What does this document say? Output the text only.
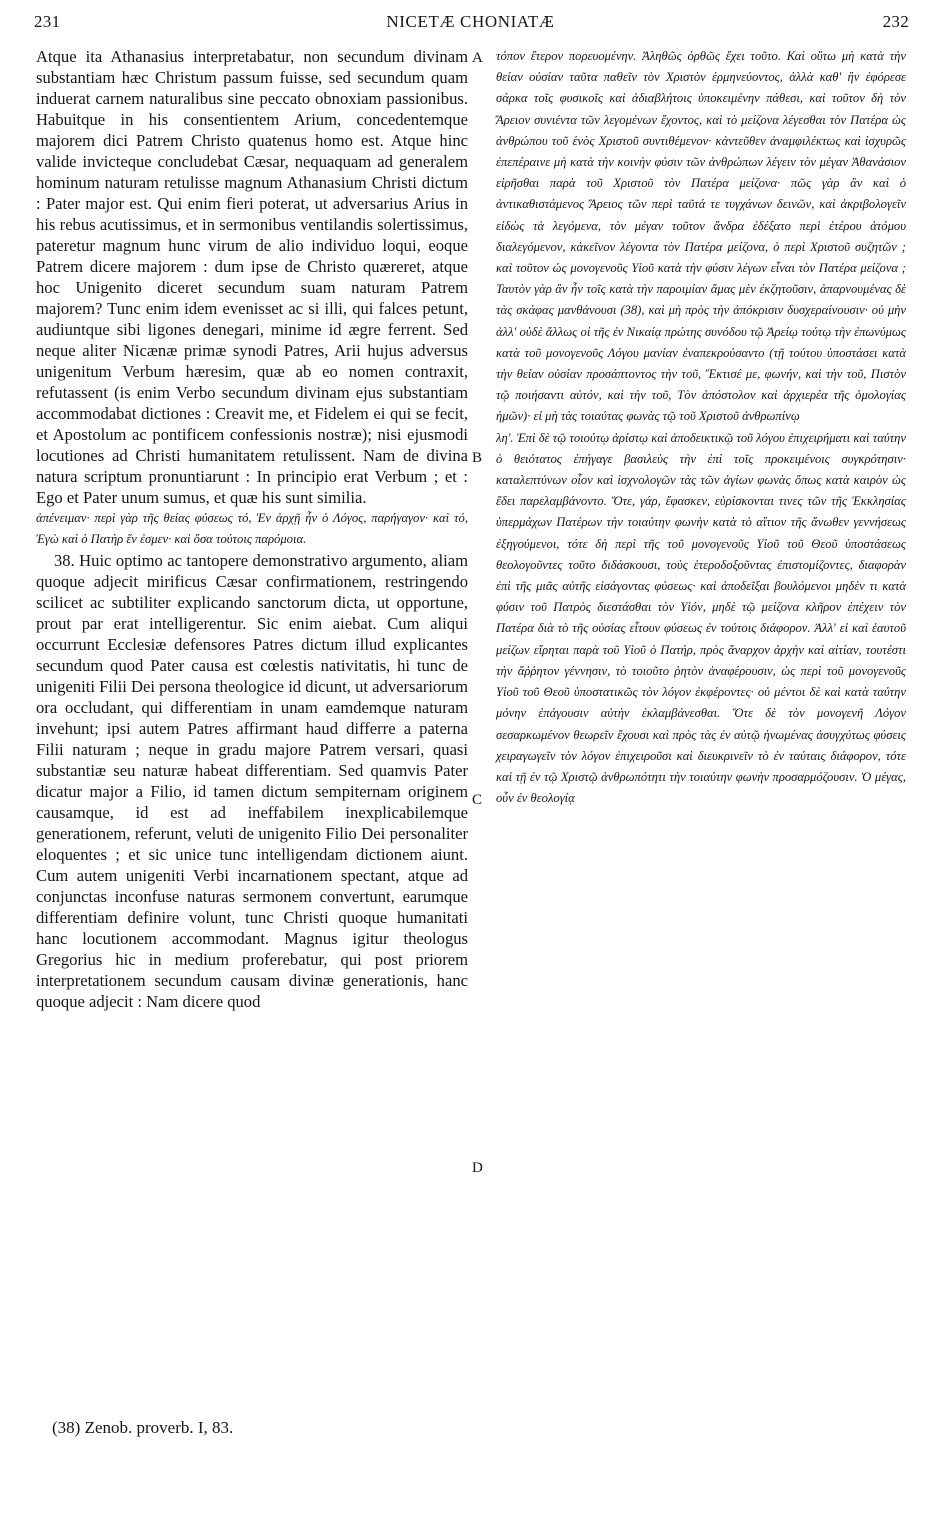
231	NICETÆ CHONIATÆ	232

Atque ita Athanasius interpretabatur, non secundum divinam substantiam hæc Christum passum fuisse, sed secundum quam induerat carnem naturalibus sine peccato obnoxiam passionibus. Habuitque in his consentientem Arium, concedentemque majorem dici Patrem Christo quatenus homo est. Atque hinc valide invicteque concludebat Cæsar, nequaquam ad generalem hominum naturam retulisse magnum Athanasium Christi dictum : Pater major est. Qui enim fieri poterat, ut adversarius Arius in his rebus acutissimus, et in sermonibus ventilandis solertissimus, pateretur magnum hunc virum de alio individuo loqui, eoque Patrem dicere majorem : dum ipse de Christo quæreret, atque hoc Unigenito diceret secundum suam naturam Patrem majorem? Tunc enim idem evenisset ac si illi, qui falces petunt, audiuntque sibi ligones denegari, minime id ægre ferrent. Sed neque aliter Nicænæ primæ synodi Patres, Arii hujus adversus unigenitum Verbum hæresim, quæ ab eo nomen contraxit, refutassent (is enim Verbo secundum divinam ejus substantiam accommodabat dictiones : Creavit me, et Fidelem ei qui se fecit, et Apostolum ac pontificem confessionis nostræ); nisi ejusmodi locutiones ad Christi humanitatem retulissent. Nam de divina natura scriptum pronuntiarunt : In principio erat Verbum ; et : Ego et Pater unum sumus, et quæ his sunt similia.

ἀπένειμαν· περὶ γὰρ τῆς θείας φύσεως τό, Ἐν ἀρχῇ ἦν ὁ Λόγος, παρήγαγον· καὶ τό, Ἐγὼ καὶ ὁ Πατὴρ ἕν ἐσμεν· καὶ ὅσα τούτοις παρόμοια.

38. Huic optimo ac tantopere demonstrativo argumento, aliam quoque adjecit mirificus Cæsar confirmationem, restringendo scilicet ac subtiliter explicando sanctorum dicta, ut opportune, prout par erat intelligerentur. Sic enim aiebat. Cum aliqui occurrunt Ecclesiæ defensores Patres dictum illud explicantes secundum quod Pater causa est cœlestis nativitatis, hi tunc de unigeniti Filii Dei persona theologice id dicunt, ut adversariorum ora occludant, qui differentiam in unam eamdemque naturam invehunt; ipsi autem Patres affirmant haud differre a paterna Filii naturam ; neque in gradu majore Patrem versari, quasi substantiæ seu naturæ habeat differentiam. Sed quamvis Pater dicatur major a Filio, id tamen dictum sempiternam originem causamque, id est ad ineffabilem inexplicabilemque generationem, referunt, veluti de unigenito Filio Dei personaliter eloquentes ; et sic unice tunc intelligendam dictionem aiunt. Cum autem unigeniti Verbi incarnationem spectant, atque ad conjunctas inconfuse naturas sermonem convertunt, earumque differentiam definire volunt, tunc Christi quoque humanitati hanc locutionem accommodant. Magnus igitur theologus Gregorius hic in medium proferebatur, qui post priorem interpretationem secundum causam divinæ generationis, hanc quoque adjecit : Nam dicere quod

τόπον ἕτερον πορευομένην. Ἀληθῶς ὀρθῶς ἔχει τοῦτο. Καὶ οὕτω μὴ κατὰ τὴν θείαν οὐσίαν ταῦτα παθεῖν τὸν Χριστὸν ἑρμηνεύοντος, ἀλλὰ καθ' ἣν ἐφόρεσε σάρκα τοῖς φυσικοῖς καὶ ἀδιαβλήτοις ὑποκειμένην πάθεσι, καὶ τοῦτον δὴ τὸν Ἄρειον συνιέντα τῶν λεγομένων ἔχοντος, καὶ τὸ μείζονα λέγεσθαι τὸν Πατέρα ὡς ἀνθρώπου τοῦ ἑνὸς Χριστοῦ συντιθέμενον· κἀντεῦθεν ἀναμφιλέκτως καὶ ἰσχυρῶς ἐπεπέραινε μὴ κατὰ τὴν κοινὴν φύσιν τῶν ἀνθρώπων λέγειν τὸν μέγαν Ἀθανάσιον εἰρῆσθαι παρὰ τοῦ Χριστοῦ τὸν Πατέρα μείζονα· πῶς γὰρ ἂν καὶ ὁ ἀντικαθιστάμενος Ἄρειος τῶν περὶ ταῦτά τε τυγχάνων δεινῶν, καὶ ἀκριβολογεῖν εἰδὼς τὰ λεγόμενα, τὸν μέγαν τοῦτον ἄνδρα ἐδέξατο περὶ ἑτέρου ἀτόμου διαλεγόμενον, κἀκεῖνον λέγοντα τὸν Πατέρα μείζονα, ὁ περὶ Χριστοῦ συζητῶν ; καὶ τοῦτον ὡς μονογενοῦς Υἱοῦ κατὰ τὴν φύσιν λέγων εἶναι τὸν Πατέρα μείζονα ; Ταυτὸν γὰρ ἂν ἦν τοῖς κατὰ τὴν παροιμίαν ἄμας μὲν ἐκζητοῦσιν, ἀπαρνουμένας δὲ τὰς σκάφας μανθάνουσι (38), καὶ μὴ πρὸς τὴν ἀπόκρισιν δυσχεραίνουσιν· οὐ μὴν ἀλλ' οὐδὲ ἄλλως οἱ τῆς ἐν Νικαίᾳ πρώτης συνόδου τῷ Ἀρείῳ τούτῳ τὴν ἐπωνύμως κατὰ τοῦ μονογενοῦς Λόγου μανίαν ἐναπεκρούσαντο (τῇ τούτου ὑποστάσει κατὰ τὴν θείαν οὐσίαν προσάπτοντος τὴν τοῦ, Ἔκτισέ με, φωνήν, καὶ τὴν τοῦ, Πιστὸν τῷ ποιήσαντι αὐτόν, καὶ τὴν τοῦ, Τὸν ἀπόστολον καὶ ἀρχιερέα τῆς ὁμολογίας ἡμῶν)· εἰ μὴ τὰς τοιαύτας φωνὰς τῷ τοῦ Χριστοῦ ἀνθρωπίνῳ

λη'. Ἐπὶ δὲ τῷ τοιούτῳ ἀρίστῳ καὶ ἀποδεικτικῷ τοῦ λόγου ἐπιχειρήματι καὶ ταύτην ὁ θειότατος ἐπήγαγε βασιλεὺς τὴν ἐπὶ τοῖς προκειμένοις συγκρότησιν· καταλεπτύνων οἷον καὶ ἰσχνολογῶν τὰς τῶν ἁγίων φωνὰς ὅπως κατὰ καιρὸν ὡς ἔδει παρελαμβάνοντο. Ὅτε, γάρ, ἔφασκεν, εὑρίσκονται τινες τῶν τῆς Ἐκκλησίας ὑπερμάχων Πατέρων τὴν τοιαύτην φωνὴν κατὰ τὸ αἴτιον τῆς ἄνωθεν γεννήσεως ἐξηγούμενοι, τότε δὴ περὶ τῆς τοῦ μονογενοῦς Υἱοῦ τοῦ Θεοῦ ὑποστάσεως θεολογοῦντες τοῦτο διδάσκουσι, τοὺς ἑτεροδοξοῦντας ἐπιστομίζοντες, διαφορὰν ἐπὶ τῆς μιᾶς αὐτῆς εἰσάγοντας φύσεως· καὶ ἀποδεῖξαι βουλόμενοι μηδὲν τι κατὰ φύσιν τοῦ Πατρὸς διεστάσθαι τὸν Υἱόν, μηδὲ τῷ μείζονα κλῆρον ἐπέχειν τὸν Πατέρα διὰ τὸ τῆς οὐσίας εἶτουν φύσεως ἐν τούτοις διάφορον. Ἀλλ' εἰ καὶ ἑαυτοῦ μείζων εἴρηται παρὰ τοῦ Υἱοῦ ὁ Πατήρ, πρὸς ἄναρχον ἀρχὴν καὶ αἰτίαν, τουτέστι τὴν ἄῤῥητον γέννησιν, τὸ τοιοῦτο ῥητὸν ἀναφέρουσιν, ὡς περὶ τοῦ μονογενοῦς Υἱοῦ τοῦ Θεοῦ ὑποστατικῶς τὸν λόγον ἐκφέροντες· οὐ μέντοι δὲ καὶ κατὰ ταύτην μόνην ἐπάγουσιν αὐτὴν ἐκλαμβάνεσθαι. Ὅτε δὲ τὸν μονογενῆ Λόγον σεσαρκωμένον θεωρεῖν ἔχουσι καὶ πρὸς τὰς ἐν αὐτῷ ἡνωμένας ἀσυγχύτως φύσεις χειραγωγεῖν τὸν λόγον ἐπιχειροῦσι καὶ διευκρινεῖν τὸ ἐν ταύταις διάφορον, τότε καὶ τῇ ἐν τῷ Χριστῷ ἀνθρωπότητι τὴν τοιαύτην φωνὴν προσαρμόζουσιν. Ὁ μέγας, οὖν ἐν θεολογίᾳ

A
B
C
D
(38) Zenob. proverb. I, 83.
